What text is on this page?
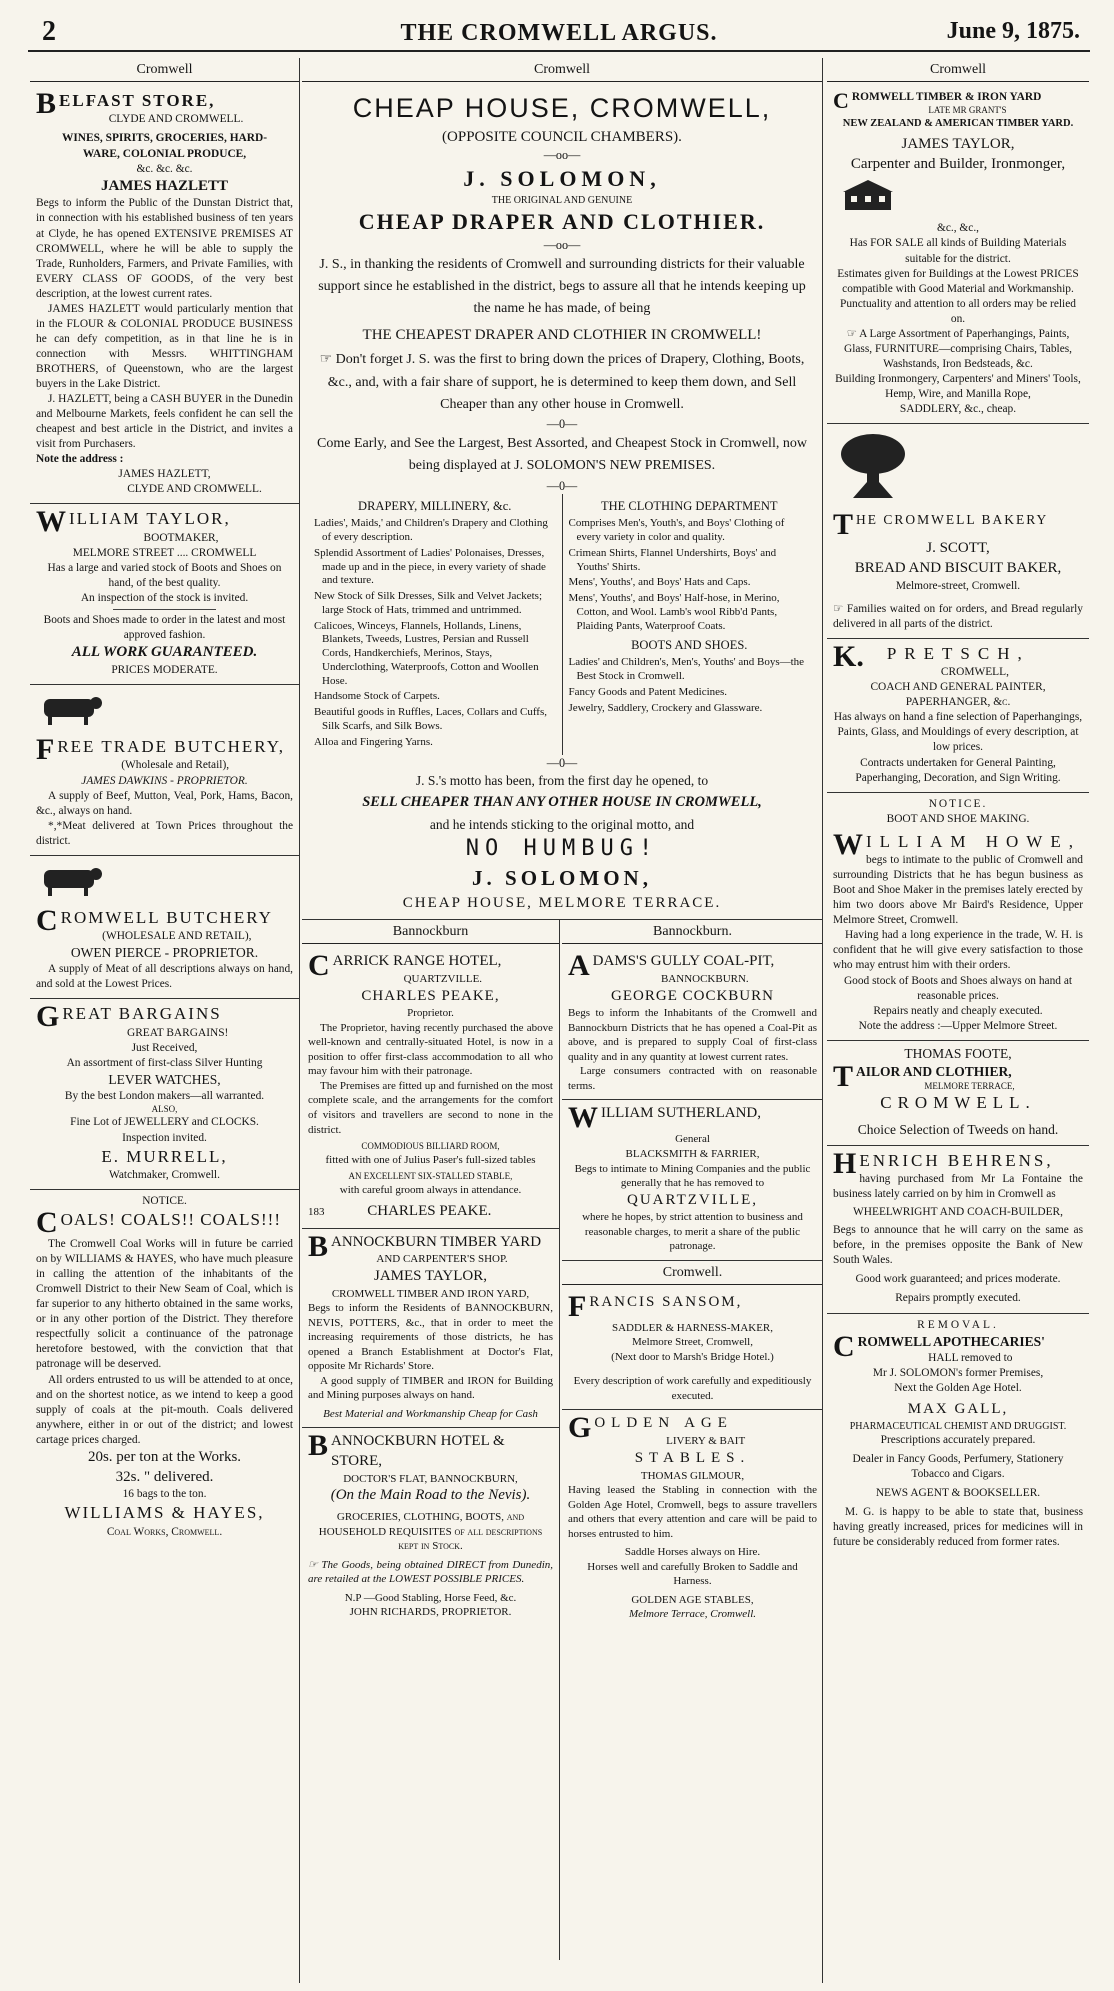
2	THE CROMWELL ARGUS.	June 9, 1875.
Cromwell
BELFAST STORE,
CLYDE AND CROMWELL.
WINES, SPIRITS, GROCERIES, HARD-
WARE, COLONIAL PRODUCE,
&c. &c. &c.
JAMES HAZLETT

Begs to inform the Public of the Dunstan District that, in connection with his established business of ten years at Clyde, he has opened EXTENSIVE PREMISES AT CROMWELL, where he will be able to supply the Trade, Runholders, Farmers, and Private Families, with EVERY CLASS OF GOODS, of the very best description, at the lowest current rates.

JAMES HAZLETT would particularly mention that in the FLOUR & COLONIAL PRODUCE BUSINESS he can defy competition, as in that line he is in connection with Messrs. WHITTINGHAM BROTHERS, of Queenstown, who are the largest buyers in the Lake District.

J. HAZLETT, being a CASH BUYER in the Dunedin and Melbourne Markets, feels confident he can sell the cheapest and best article in the District, and invites a visit from Purchasers.

Note the address :
JAMES HAZLETT,
CLYDE AND CROMWELL.
WILLIAM TAYLOR,
BOOTMAKER,
MELMORE STREET .... CROMWELL

Has a large and varied stock of Boots and Shoes on hand, of the best quality.

An inspection of the stock is invited.

Boots and Shoes made to order in the latest and most approved fashion.

ALL WORK GUARANTEED.
PRICES MODERATE.
FREE TRADE BUTCHERY,
(Wholesale and Retail),
JAMES DAWKINS - PROPRIETOR.

A supply of Beef, Mutton, Veal, Pork, Hams, Bacon, &c., always on hand.

*,*Meat delivered at Town Prices throughout the district.

CROMWELL BUTCHERY
(WHOLESALE AND RETAIL),
OWEN PIERCE - PROPRIETOR.

A supply of Meat of all descriptions always on hand, and sold at the Lowest Prices.

GREAT BARGAINS
GREAT BARGAINS!
Just Received,
An assortment of first-class Silver Hunting
LEVER WATCHES,
By the best London makers—all warranted.
ALSO,
Fine Lot of JEWELLERY and CLOCKS.
Inspection invited.
E. MURRELL,
Watchmaker, Cromwell.
NOTICE.
COALS! COALS!! COALS!!!

The Cromwell Coal Works will in future be carried on by WILLIAMS & HAYES, who have much pleasure in calling the attention of the inhabitants of the Cromwell District to their New Seam of Coal, which is far superior to any hitherto obtained in the same works, or in any other portion of the District. They therefore respectfully solicit a continuance of the patronage heretofore bestowed, with the conviction that that patronage will be deserved.

All orders entrusted to us will be attended to at once, and on the shortest notice, as we intend to keep a good supply of coals at the pit-mouth. Coals delivered anywhere, either in or out of the district; and lowest cartage prices charged.

20s. per ton at the Works.
32s. " delivered.
16 bags to the ton.
WILLIAMS & HAYES,
Coal Works, Cromwell.
Cromwell
CHEAP HOUSE, CROMWELL,
(OPPOSITE COUNCIL CHAMBERS).
—oo—
J. SOLOMON,
THE ORIGINAL AND GENUINE
CHEAP DRAPER AND CLOTHIER.
—oo—

J. S., in thanking the residents of Cromwell and surrounding districts for their valuable support since he established in the district, begs to assure all that he intends keeping up the name he has made, of being

THE CHEAPEST DRAPER AND CLOTHIER IN CROMWELL!

☞ Don't forget J. S. was the first to bring down the prices of Drapery, Clothing, Boots, &c., and, with a fair share of support, he is determined to keep them down, and Sell Cheaper than any other house in Cromwell.

—0—

Come Early, and See the Largest, Best Assorted, and Cheapest Stock in Cromwell, now being displayed at J. SOLOMON'S NEW PREMISES.

—0—
DRAPERY, MILLINERY, &c.

Ladies', Maids,' and Children's Drapery and Clothing of every description.

Splendid Assortment of Ladies' Polonaises, Dresses, made up and in the piece, in every variety of shade and texture.

New Stock of Silk Dresses, Silk and Velvet Jackets; large Stock of Hats, trimmed and untrimmed.

Calicoes, Winceys, Flannels, Hollands, Linens, Blankets, Tweeds, Lustres, Persian and Russell Cords, Handkerchiefs, Merinos, Stays, Underclothing, Waterproofs, Cotton and Woollen Hose.

Handsome Stock of Carpets.

Beautiful goods in Ruffles, Laces, Collars and Cuffs, Silk Scarfs, and Silk Bows.

Alloa and Fingering Yarns.

THE CLOTHING DEPARTMENT

Comprises Men's, Youth's, and Boys' Clothing of every variety in color and quality.

Crimean Shirts, Flannel Undershirts, Boys' and Youths' Shirts.

Mens', Youths', and Boys' Hats and Caps.

Mens', Youths', and Boys' Half-hose, in Merino, Cotton, and Wool. Lamb's wool Ribb'd Pants, Plaiding Pants, Waterproof Coats.

BOOTS AND SHOES.

Ladies' and Children's, Men's, Youths' and Boys—the Best Stock in Cromwell.

Fancy Goods and Patent Medicines.

Jewelry, Saddlery, Crockery and Glassware.

—0—
J. S.'s motto has been, from the first day he opened, to
SELL CHEAPER THAN ANY OTHER HOUSE IN CROMWELL,
and he intends sticking to the original motto, and
NO HUMBUG!
J. SOLOMON,
CHEAP HOUSE, MELMORE TERRACE.
Bannockburn
CARRICK RANGE HOTEL,
QUARTZVILLE.
CHARLES PEAKE,
Proprietor.

The Proprietor, having recently purchased the above well-known and centrally-situated Hotel, is now in a position to offer first-class accommodation to all who may favour him with their patronage.

The Premises are fitted up and furnished on the most complete scale, and the arrangements for the comfort of visitors and travellers are second to none in the district.

COMMODIOUS BILLIARD ROOM,
fitted with one of Julius Paser's full-sized tables
AN EXCELLENT SIX-STALLED STABLE,
with careful groom always in attendance.
183	CHARLES PEAKE.
BANNOCKBURN TIMBER YARD
AND CARPENTER'S SHOP.
JAMES TAYLOR,
CROMWELL TIMBER AND IRON YARD,

Begs to inform the Residents of BANNOCKBURN, NEVIS, POTTERS, &c., that in order to meet the increasing requirements of those districts, he has opened a Branch Establishment at Doctor's Flat, opposite Mr Richards' Store.

A good supply of TIMBER and IRON for Building and Mining purposes always on hand.

Best Material and Workmanship Cheap for Cash
BANNOCKBURN HOTEL & STORE,
DOCTOR'S FLAT, BANNOCKBURN,
(On the Main Road to the Nevis).

GROCERIES, CLOTHING, BOOTS, and HOUSEHOLD REQUISITES of all descriptions kept in Stock.

☞ The Goods, being obtained DIRECT from Dunedin, are retailed at the LOWEST POSSIBLE PRICES.

N.P —Good Stabling, Horse Feed, &c.
JOHN RICHARDS, PROPRIETOR.
Bannockburn.
ADAMS'S GULLY COAL-PIT,
BANNOCKBURN.
GEORGE COCKBURN

Begs to inform the Inhabitants of the Cromwell and Bannockburn Districts that he has opened a Coal-Pit as above, and is prepared to supply Coal of first-class quality and in any quantity at lowest current rates.

Large consumers contracted with on reasonable terms.

WILLIAM SUTHERLAND,
General
BLACKSMITH & FARRIER,

Begs to intimate to Mining Companies and the public generally that he has removed to

QUARTZVILLE,

where he hopes, by strict attention to business and reasonable charges, to merit a share of the public patronage.

Cromwell.
FRANCIS SANSOM,
SADDLER & HARNESS-MAKER,
Melmore Street, Cromwell,
(Next door to Marsh's Bridge Hotel.)

Every description of work carefully and expeditiously executed.

GOLDEN AGE
LIVERY & BAIT
STABLES.
THOMAS GILMOUR,

Having leased the Stabling in connection with the Golden Age Hotel, Cromwell, begs to assure travellers and others that every attention and care will be paid to horses entrusted to him.

Saddle Horses always on Hire.
Horses well and carefully Broken to Saddle and Harness.
GOLDEN AGE STABLES,
Melmore Terrace, Cromwell.
Cromwell
CROMWELL TIMBER & IRON YARD
LATE MR GRANT'S
NEW ZEALAND & AMERICAN TIMBER YARD.
JAMES TAYLOR,
Carpenter and Builder, Ironmonger,
&c., &c.,

Has FOR SALE all kinds of Building Materials suitable for the district.

Estimates given for Buildings at the Lowest PRICES compatible with Good Material and Workmanship.

Punctuality and attention to all orders may be relied on.

☞ A Large Assortment of Paperhangings, Paints, Glass, FURNITURE—comprising Chairs, Tables, Washstands, Iron Bedsteads, &c.

Building Ironmongery, Carpenters' and Miners' Tools, Hemp, Wire, and Manilla Rope,

SADDLERY, &c., cheap.
THE CROMWELL BAKERY
J. SCOTT,
BREAD AND BISCUIT BAKER,
Melmore-street, Cromwell.

☞ Families waited on for orders, and Bread regularly delivered in all parts of the district.

K. PRETSCH,
CROMWELL,
COACH AND GENERAL PAINTER,
PAPERHANGER, &c.

Has always on hand a fine selection of Paperhangings, Paints, Glass, and Mouldings of every description, at low prices.

Contracts undertaken for General Painting, Paperhanging, Decoration, and Sign Writing.

NOTICE.
BOOT AND SHOE MAKING.
WILLIAM HOWE,

begs to intimate to the public of Cromwell and surrounding Districts that he has begun business as Boot and Shoe Maker in the premises lately erected by him two doors above Mr Baird's Residence, Upper Melmore Street, Cromwell.

Having had a long experience in the trade, W. H. is confident that he will give every satisfaction to those who may entrust him with their orders.

Good stock of Boots and Shoes always on hand at reasonable prices.

Repairs neatly and cheaply executed.

Note the address :—Upper Melmore Street.

THOMAS FOOTE,
TAILOR AND CLOTHIER,
MELMORE TERRACE,
CROMWELL.
Choice Selection of Tweeds on hand.
HENRICH BEHRENS,

having purchased from Mr La Fontaine the business lately carried on by him in Cromwell as

WHEELWRIGHT AND COACH-BUILDER,

Begs to announce that he will carry on the same as before, in the premises opposite the Bank of New South Wales.

Good work guaranteed; and prices moderate.

Repairs promptly executed.

REMOVAL.
CROMWELL APOTHECARIES'
HALL removed to
Mr J. SOLOMON's former Premises,
Next the Golden Age Hotel.
MAX GALL,
PHARMACEUTICAL CHEMIST AND DRUGGIST.
Prescriptions accurately prepared.
Dealer in Fancy Goods, Perfumery, Stationery Tobacco and Cigars.
NEWS AGENT & BOOKSELLER.

M. G. is happy to be able to state that, business having greatly increased, prices for medicines will in future be considerably reduced from former rates.
